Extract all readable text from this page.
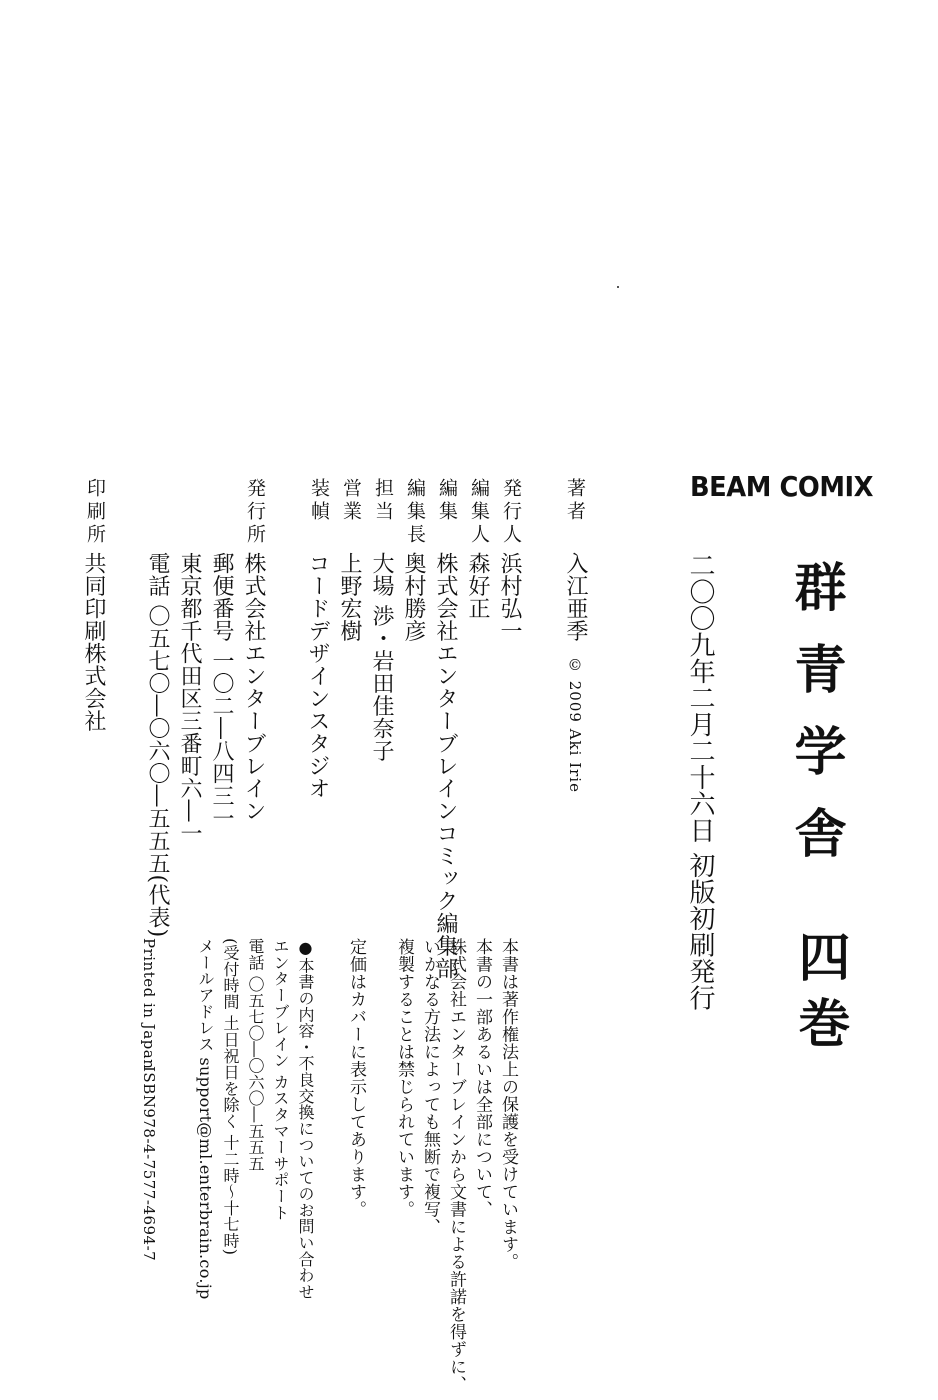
BEAM COMIX
群青学舎
四巻
二〇〇九年二月二十六日 初版初刷発行
著者
発行人
編集人
編集
編集長
担当
営業
装幀
発行所
印刷所
入江亜季© 2009 Aki Irie
浜村弘一
森好正
株式会社エンターブレインコミック編集部
奥村勝彦
大場 渉・岩田佳奈子
上野宏樹
コードデザインスタジオ
株式会社エンターブレイン
郵便番号 一〇二―八四三一
東京都千代田区三番町六―一
電話 〇五七〇―〇六〇―五五五(代表)
共同印刷株式会社
本書は著作権法上の保護を受けています。
本書の一部あるいは全部について、
株式会社エンターブレインから文書による許諾を得ずに、
いかなる方法によっても無断で複写、
複製することは禁じられています。
定価はカバーに表示してあります。
●本書の内容・不良交換についてのお問い合わせ
エンターブレイン カスタマーサポート
電話 〇五七〇―〇六〇―五五五
(受付時間 土日祝日を除く 十二時〜十七時)
メールアドレス support@ml.enterbrain.co.jp
Printed in Japan
ISBN978-4-7577-4694-7
